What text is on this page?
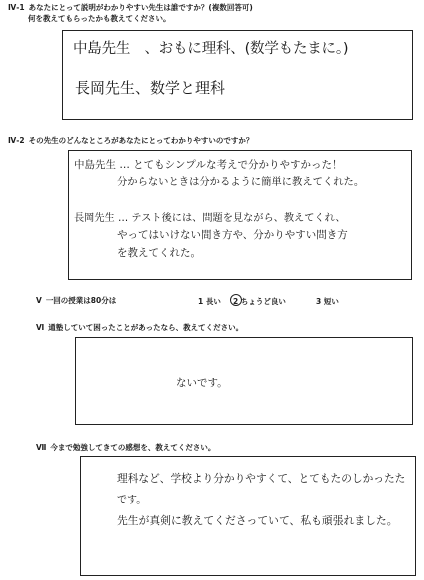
Ⅳ-1 あなたにとって説明がわかりやすい先生は誰ですか？(複数回答可)
何を教えてもらったかも教えてください。
中島先生　、おもに理科、(数学もたまに。)
長岡先生、数学と理科
Ⅳ-2 その先生のどんなところがあなたにとってわかりやすいのですか？
中島先生 … とてもシンプルな考えで分かりやすかった！
分からないときは分かるように簡単に教えてくれた。
長岡先生 … テスト後には、問題を見ながら、教えてくれ、
やってはいけない間き方や、分かりやすい問き方
を教えてくれた。
Ⅴ 一回の授業は80分は	1 長い 2 ちょうど良い	3 短い
Ⅵ 通塾していて困ったことがあったなら、教えてください。
ないです。
Ⅶ 今まで勉強してきての感想を、教えてください。
理科など、学校より分かりやすくて、とてもたのしかったた
です。
先生が真剣に教えてくださっていて、私も頑張れました。
